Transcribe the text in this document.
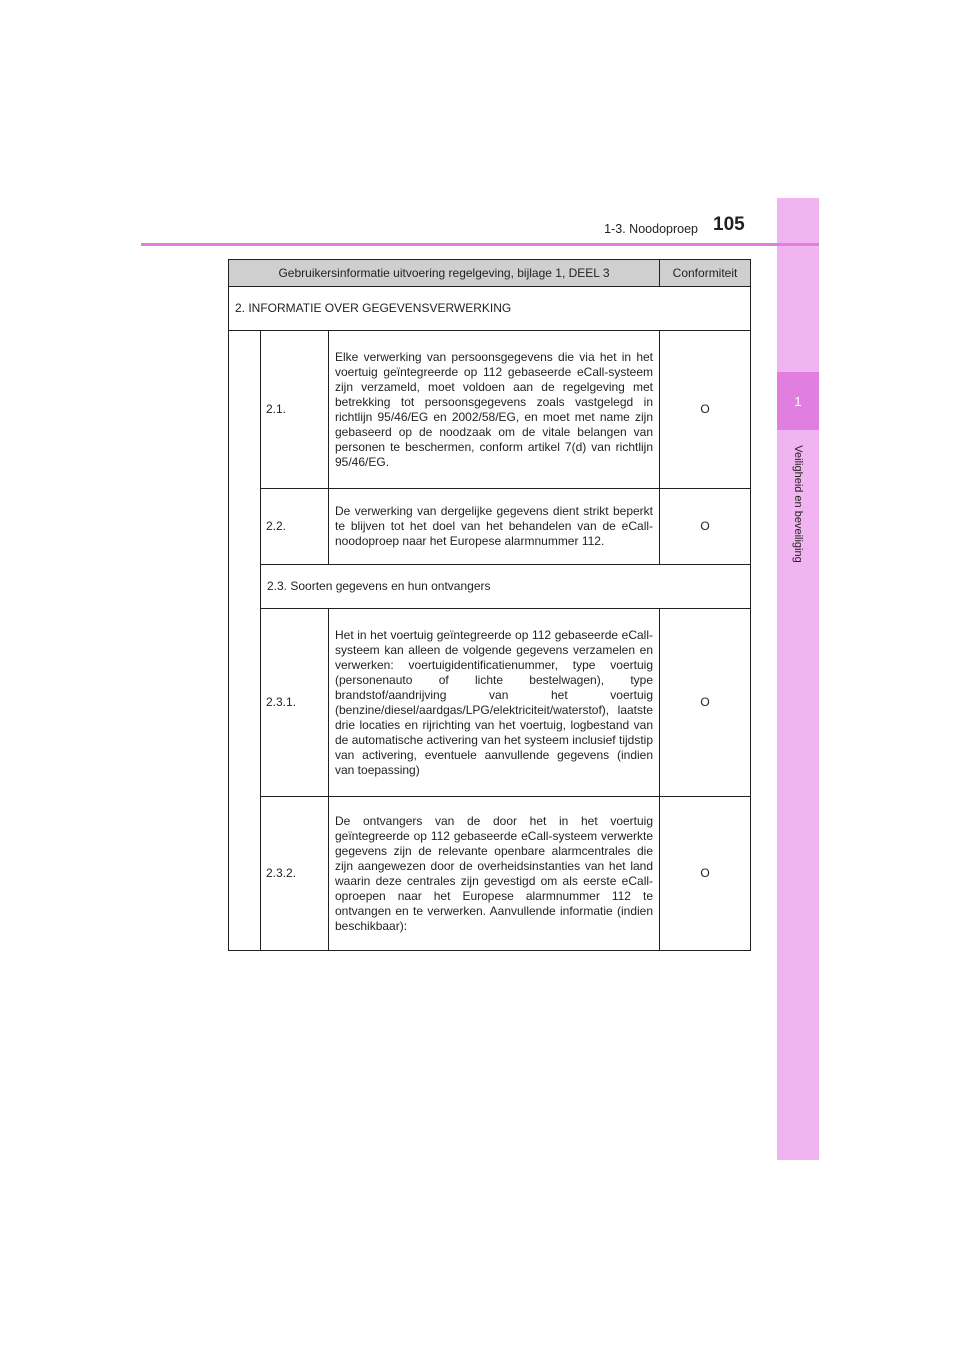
1
Veiligheid en beveiliging
1-3. Noodoproep 105
Gebruikersinformatie uitvoering regelgeving, bijlage 1, DEEL 3			Conformiteit
2. INFORMATIE OVER GEGEVENSVERWERKING			
	2.1.	Elke verwerking van persoonsgegevens die via het in het voertuig geïntegreerde op 112 gebaseerde eCall-systeem zijn verzameld, moet voldoen aan de regelgeving met betrekking tot persoonsgegevens zoals vastgelegd in richtlijn 95/46/EG en 2002/58/EG, en moet met name zijn gebaseerd op de noodzaak om de vitale belangen van personen te beschermen, conform artikel 7(d) van richtlijn 95/46/EG.	O
	2.2.	De verwerking van dergelijke gegevens dient strikt beperkt te blijven tot het doel van het behandelen van de eCall-noodoproep naar het Europese alarmnummer 112.	O
	2.3. Soorten gegevens en hun ontvangers		
	2.3.1.	Het in het voertuig geïntegreerde op 112 gebaseerde eCall-systeem kan alleen de volgende gegevens verzamelen en verwerken: voertuigidentificatienummer, type voertuig (personenauto of lichte bestelwagen), type brandstof/aandrijving van het voertuig (benzine/diesel/aardgas/LPG/elektriciteit/waterstof), laatste drie locaties en rijrichting van het voertuig, logbestand van de automatische activering van het systeem inclusief tijdstip van activering, eventuele aanvullende gegevens (indien van toepassing)	O
	2.3.2.	De ontvangers van de door het in het voertuig geïntegreerde op 112 gebaseerde eCall-systeem verwerkte gegevens zijn de relevante openbare alarmcentrales die zijn aangewezen door de overheidsinstanties van het land waarin deze centrales zijn gevestigd om als eerste eCall-oproepen naar het Europese alarmnummer 112 te ontvangen en te verwerken. Aanvullende informatie (indien beschikbaar):	O
